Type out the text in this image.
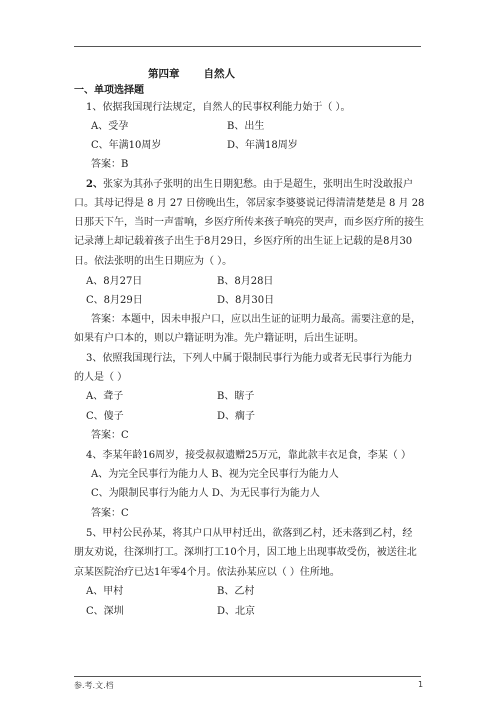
第四章 自然人
一、单项选择题
1、依据我国现行法规定，自然人的民事权利能力始于（ ）。
A、受孕	B、出生
C、年满10周岁	D、年满18周岁
答案：B
2、张家为其孙子张明的出生日期犯愁。由于是超生，张明出生时没敢报户
口。其母记得是 8 月 27 日傍晚出生，邻居家李婆婆说记得清清楚楚是 8 月 28
日那天下午，当时一声雷响，乡医疗所传来孩子响亮的哭声，而乡医疗所的接生
记录薄上却记载着孩子出生于8月29日，乡医疗所的出生证上记载的是8月30
日。依法张明的出生日期应为（ ）。
A、8月27日	B、8月28日
C、8月29日	D、8月30日
答案：本题中，因未申报户口，应以出生证的证明力最高。需要注意的是，
如果有户口本的，则以户籍证明为准。先户籍证明，后出生证明。
3、依照我国现行法，下列人中属于限制民事行为能力或者无民事行为能力
的人是（ ）
A、聋子	B、瞎子
C、傻子	D、瘸子
答案：C
4、李某年龄16周岁，接受叔叔遗赠25万元，靠此款丰衣足食，李某（ ）
A、为完全民事行为能力人 B、视为完全民事行为能力人
C、为限制民事行为能力人 D、为无民事行为能力人
答案：C
5、甲村公民孙某，将其户口从甲村迁出，欲落到乙村，还未落到乙村，经
朋友劝说，往深圳打工。深圳打工10个月，因工地上出现事故受伤，被送往北
京某医院治疗已达1年零4个月。依法孙某应以（ ）住所地。
A、甲村	B、乙村
C、深圳	D、北京
参.考.文.档	1
